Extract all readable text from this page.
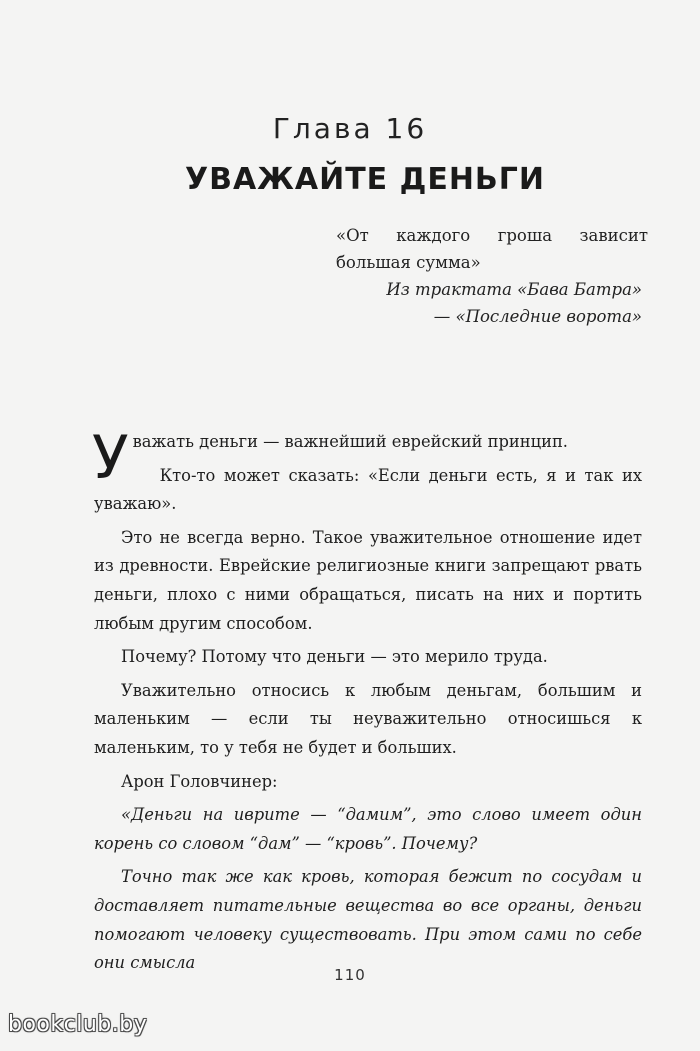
Глава 16
УВАЖАЙТЕ ДЕНЬГИ
«От каждого гроша зависит большая сумма»
Из трактата «Бава Батра»
— «Последние ворота»

Уважать деньги — важнейший еврейский принцип.

Кто-то может сказать: «Если деньги есть, я и так их уважаю».

Это не всегда верно. Такое уважительное отношение идет из древности. Еврейские религиозные книги запрещают рвать деньги, плохо с ними обращаться, писать на них и портить любым другим способом.

Почему? Потому что деньги — это мерило труда.

Уважительно относись к любым деньгам, большим и маленьким — если ты неуважительно относишься к маленьким, то у тебя не будет и больших.

Арон Головчинер:

«Деньги на иврите — “дамим”, это слово имеет один корень со словом “дам” — “кровь”. Почему?

Точно так же как кровь, которая бежит по сосудам и доставляет питательные вещества во все органы, деньги помогают человеку существовать. При этом сами по себе они смысла

110
bookclub.by
